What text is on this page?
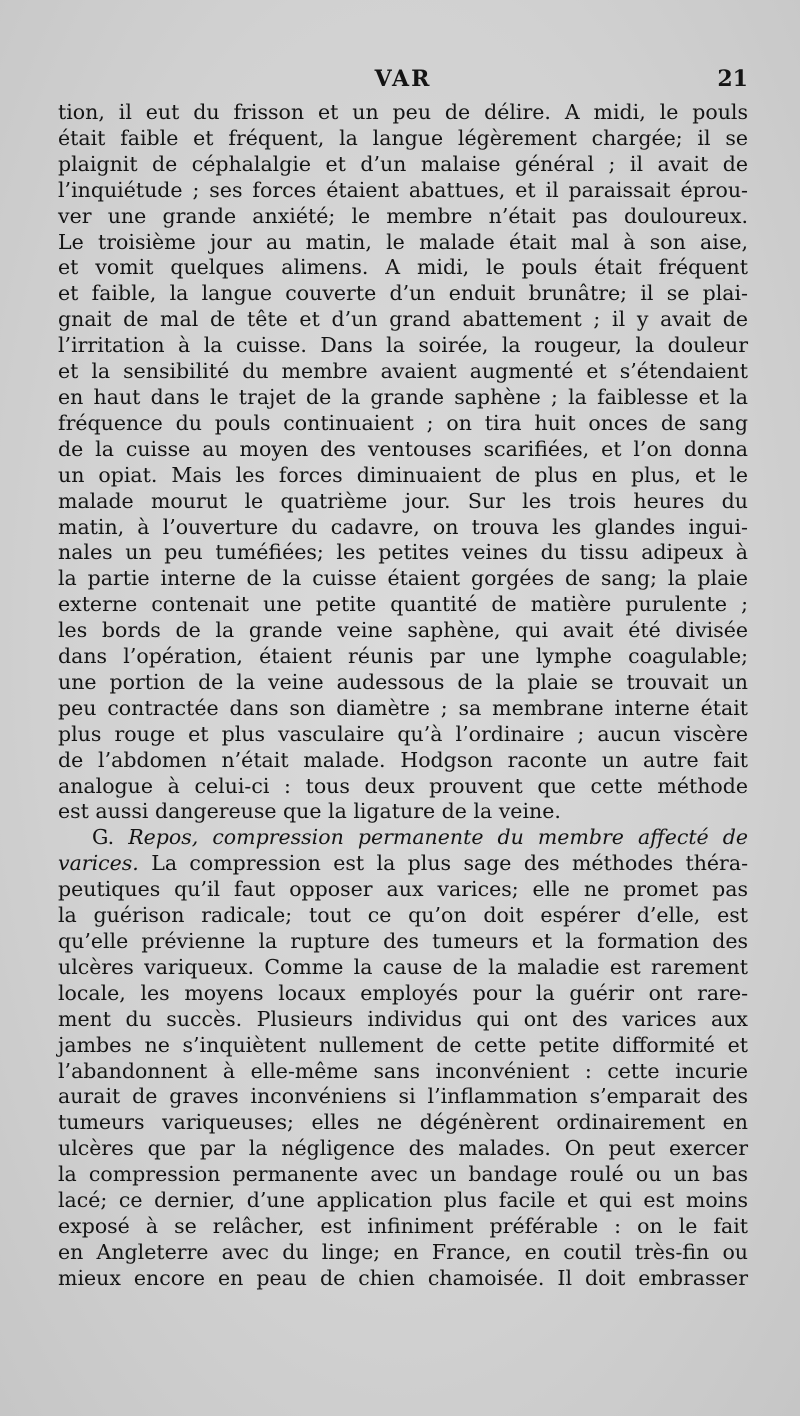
VAR	21
tion, il eut du frisson et un peu de délire. A midi, le pouls
était faible et fréquent, la langue légèrement chargée; il se
plaignit de céphalalgie et d’un malaise général ; il avait de
l’inquiétude ; ses forces étaient abattues, et il paraissait éprou-
ver une grande anxiété; le membre n’était pas douloureux.
Le troisième jour au matin, le malade était mal à son aise,
et vomit quelques alimens. A midi, le pouls était fréquent
et faible, la langue couverte d’un enduit brunâtre; il se plai-
gnait de mal de tête et d’un grand abattement ; il y avait de
l’irritation à la cuisse. Dans la soirée, la rougeur, la douleur
et la sensibilité du membre avaient augmenté et s’étendaient
en haut dans le trajet de la grande saphène ; la faiblesse et la
fréquence du pouls continuaient ; on tira huit onces de sang
de la cuisse au moyen des ventouses scarifiées, et l’on donna
un opiat. Mais les forces diminuaient de plus en plus, et le
malade mourut le quatrième jour. Sur les trois heures du
matin, à l’ouverture du cadavre, on trouva les glandes ingui-
nales un peu tuméfiées; les petites veines du tissu adipeux à
la partie interne de la cuisse étaient gorgées de sang; la plaie
externe contenait une petite quantité de matière purulente ;
les bords de la grande veine saphène, qui avait été divisée
dans l’opération, étaient réunis par une lymphe coagulable;
une portion de la veine audessous de la plaie se trouvait un
peu contractée dans son diamètre ; sa membrane interne était
plus rouge et plus vasculaire qu’à l’ordinaire ; aucun viscère
de l’abdomen n’était malade. Hodgson raconte un autre fait
analogue à celui-ci : tous deux prouvent que cette méthode
est aussi dangereuse que la ligature de la veine.
G. Repos, compression permanente du membre affecté de
varices. La compression est la plus sage des méthodes théra-
peutiques qu’il faut opposer aux varices; elle ne promet pas
la guérison radicale; tout ce qu’on doit espérer d’elle, est
qu’elle prévienne la rupture des tumeurs et la formation des
ulcères variqueux. Comme la cause de la maladie est rarement
locale, les moyens locaux employés pour la guérir ont rare-
ment du succès. Plusieurs individus qui ont des varices aux
jambes ne s’inquiètent nullement de cette petite difformité et
l’abandonnent à elle-même sans inconvénient : cette incurie
aurait de graves inconvéniens si l’inflammation s’emparait des
tumeurs variqueuses; elles ne dégénèrent ordinairement en
ulcères que par la négligence des malades. On peut exercer
la compression permanente avec un bandage roulé ou un bas
lacé; ce dernier, d’une application plus facile et qui est moins
exposé à se relâcher, est infiniment préférable : on le fait
en Angleterre avec du linge; en France, en coutil très-fin ou
mieux encore en peau de chien chamoisée. Il doit embrasser
